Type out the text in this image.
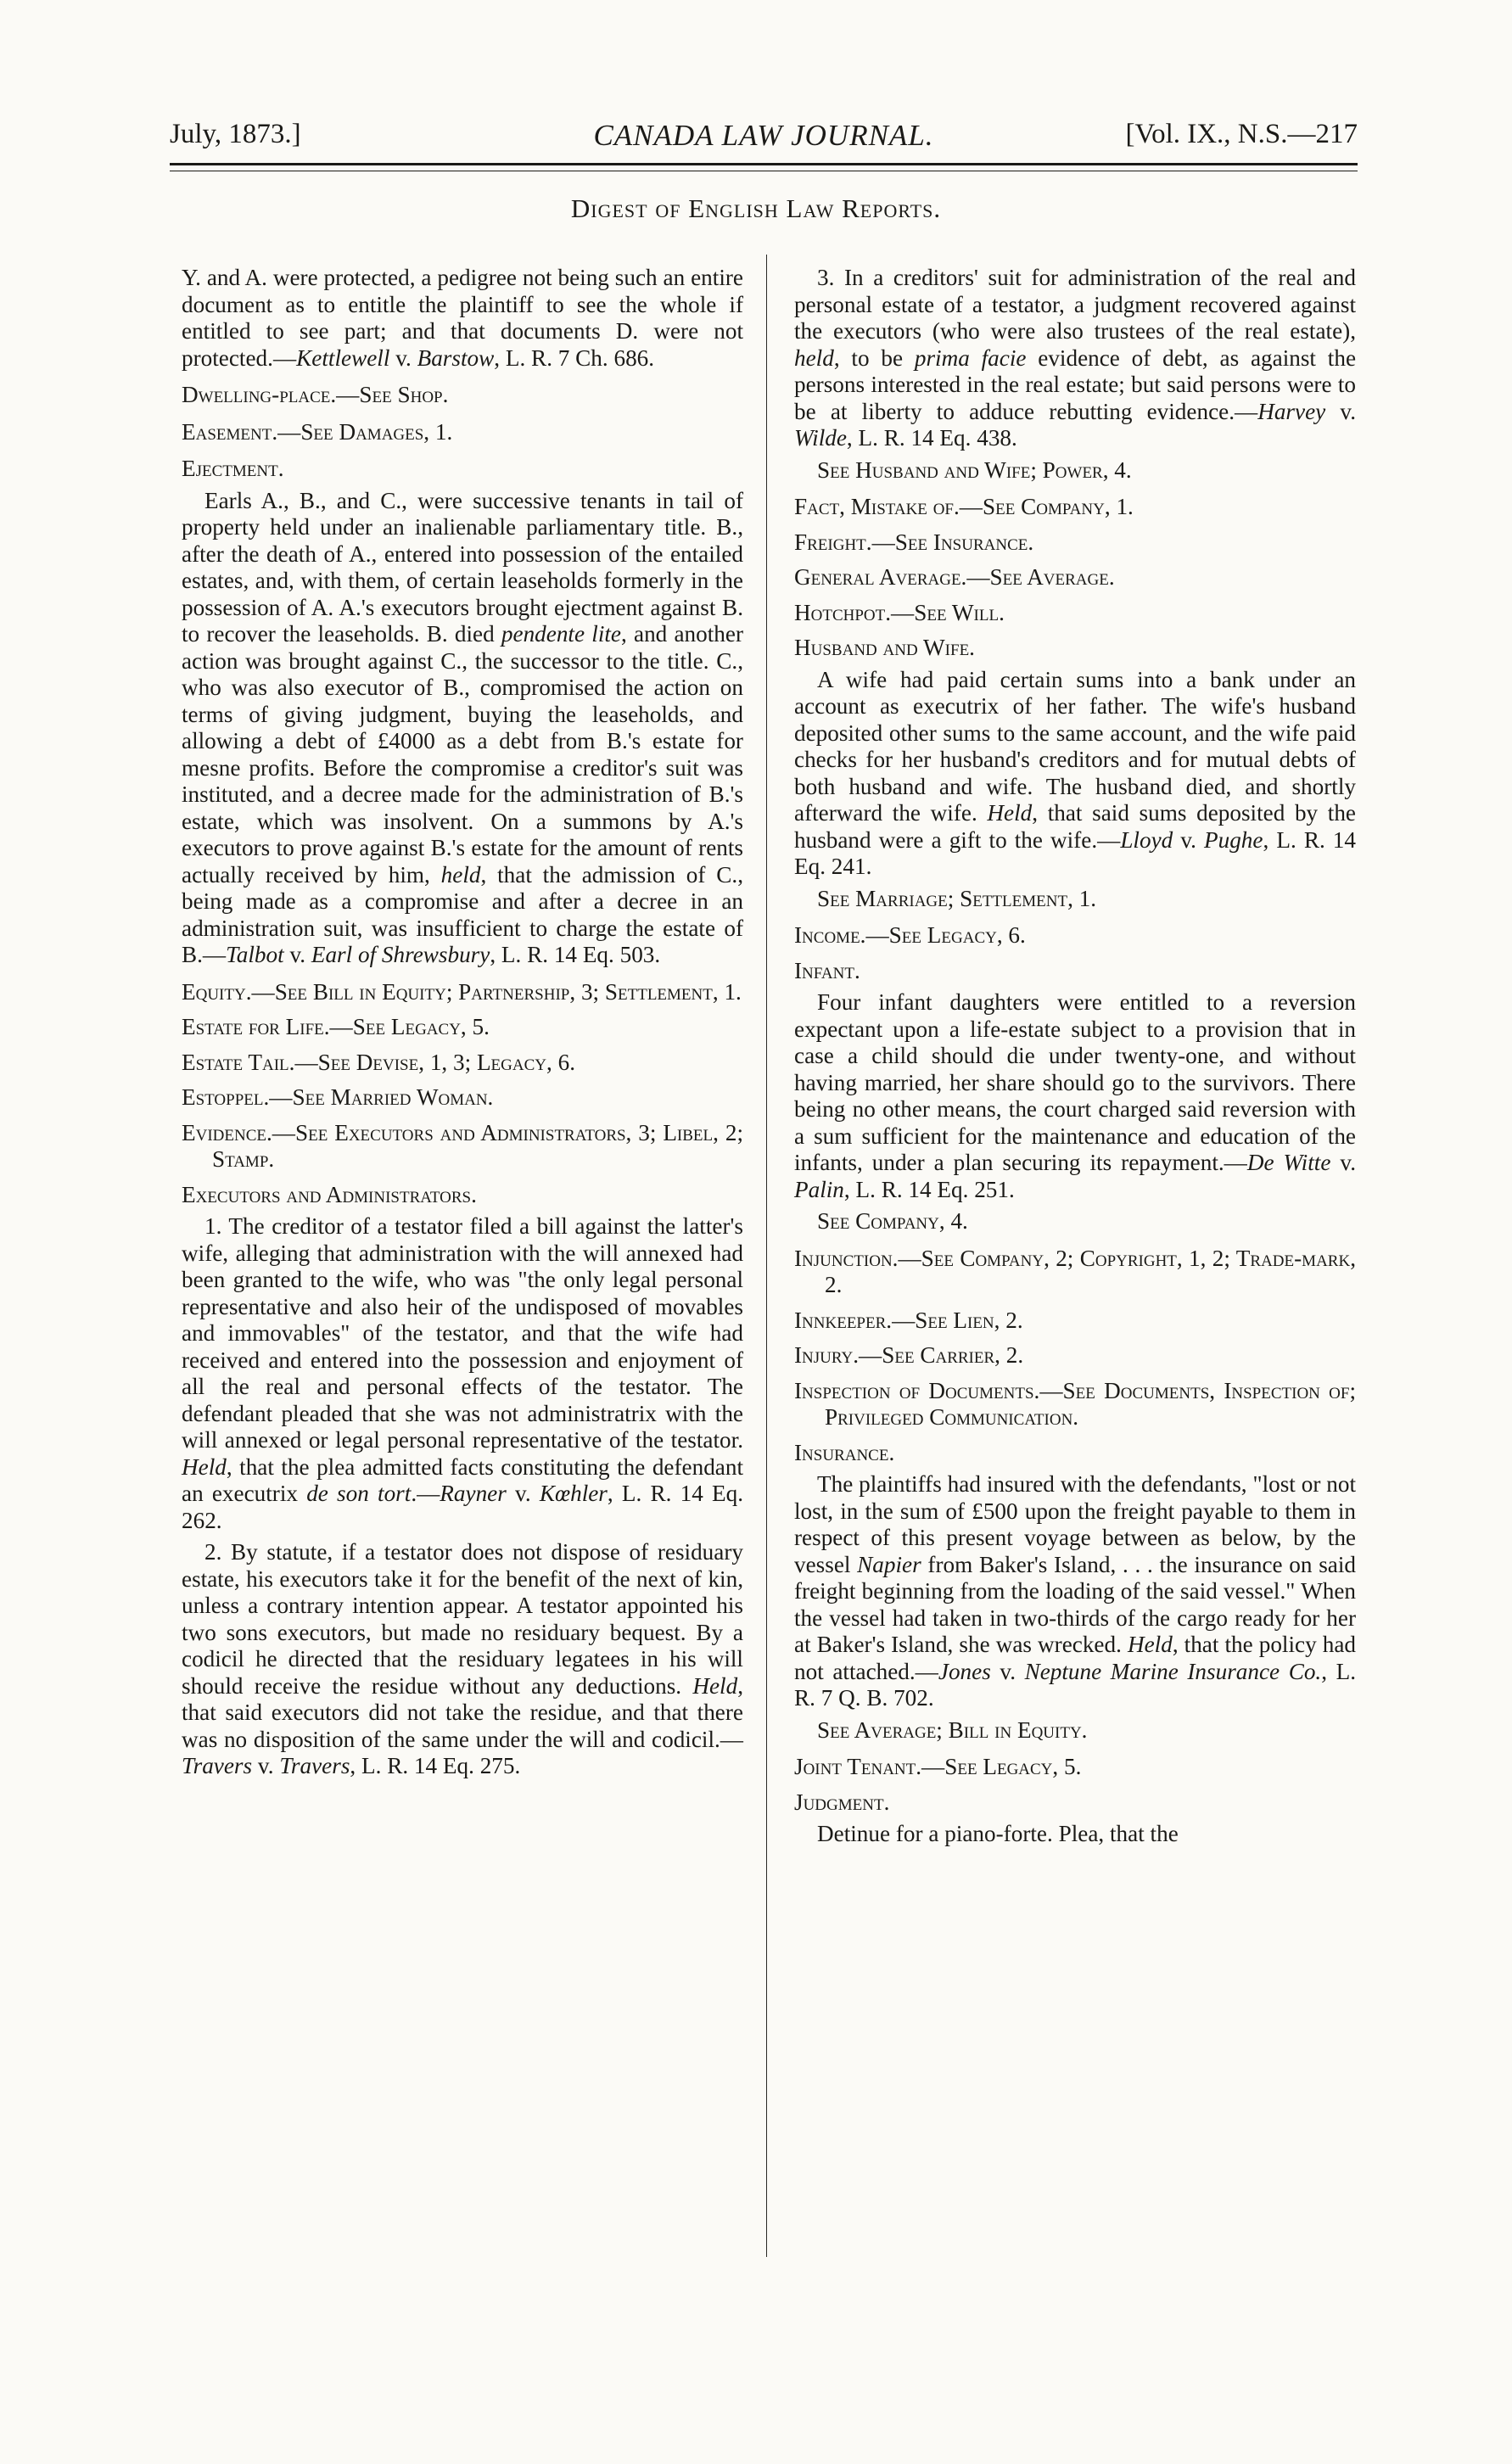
July, 1873.]	CANADA LAW JOURNAL.	[Vol. IX., N.S.—217
Digest of English Law Reports.

Y. and A. were protected, a pedigree not being such an entire document as to entitle the plaintiff to see the whole if entitled to see part; and that documents D. were not protected.—Kettlewell v. Barstow, L. R. 7 Ch. 686.

Dwelling-place.—See Shop.

Easement.—See Damages, 1.

Ejectment.

Earls A., B., and C., were successive tenants in tail of property held under an inalienable parliamentary title. B., after the death of A., entered into possession of the entailed estates, and, with them, of certain leaseholds formerly in the possession of A. A.'s executors brought ejectment against B. to recover the leaseholds. B. died pendente lite, and another action was brought against C., the successor to the title. C., who was also executor of B., compromised the action on terms of giving judgment, buying the leaseholds, and allowing a debt of £4000 as a debt from B.'s estate for mesne profits. Before the compromise a creditor's suit was instituted, and a decree made for the administration of B.'s estate, which was insolvent. On a summons by A.'s executors to prove against B.'s estate for the amount of rents actually received by him, held, that the admission of C., being made as a compromise and after a decree in an administration suit, was insufficient to charge the estate of B.—Talbot v. Earl of Shrewsbury, L. R. 14 Eq. 503.

Equity.—See Bill in Equity; Partnership, 3; Settlement, 1.

Estate for Life.—See Legacy, 5.

Estate Tail.—See Devise, 1, 3; Legacy, 6.

Estoppel.—See Married Woman.

Evidence.—See Executors and Administrators, 3; Libel, 2; Stamp.

Executors and Administrators.

1. The creditor of a testator filed a bill against the latter's wife, alleging that administration with the will annexed had been granted to the wife, who was "the only legal personal representative and also heir of the undisposed of movables and immovables" of the testator, and that the wife had received and entered into the possession and enjoyment of all the real and personal effects of the testator. The defendant pleaded that she was not administratrix with the will annexed or legal personal representative of the testator. Held, that the plea admitted facts constituting the defendant an executrix de son tort.—Rayner v. Kœhler, L. R. 14 Eq. 262.

2. By statute, if a testator does not dispose of residuary estate, his executors take it for the benefit of the next of kin, unless a contrary intention appear. A testator appointed his two sons executors, but made no residuary bequest. By a codicil he directed that the residuary legatees in his will should receive the residue without any deductions. Held, that said executors did not take the residue, and that there was no disposition of the same under the will and codicil.—Travers v. Travers, L. R. 14 Eq. 275.

3. In a creditors' suit for administration of the real and personal estate of a testator, a judgment recovered against the executors (who were also trustees of the real estate), held, to be prima facie evidence of debt, as against the persons interested in the real estate; but said persons were to be at liberty to adduce rebutting evidence.—Harvey v. Wilde, L. R. 14 Eq. 438.

See Husband and Wife; Power, 4.

Fact, Mistake of.—See Company, 1.

Freight.—See Insurance.

General Average.—See Average.

Hotchpot.—See Will.

Husband and Wife.

A wife had paid certain sums into a bank under an account as executrix of her father. The wife's husband deposited other sums to the same account, and the wife paid checks for her husband's creditors and for mutual debts of both husband and wife. The husband died, and shortly afterward the wife. Held, that said sums deposited by the husband were a gift to the wife.—Lloyd v. Pughe, L. R. 14 Eq. 241.

See Marriage; Settlement, 1.

Income.—See Legacy, 6.

Infant.

Four infant daughters were entitled to a reversion expectant upon a life-estate subject to a provision that in case a child should die under twenty-one, and without having married, her share should go to the survivors. There being no other means, the court charged said reversion with a sum sufficient for the maintenance and education of the infants, under a plan securing its repayment.—De Witte v. Palin, L. R. 14 Eq. 251.

See Company, 4.

Injunction.—See Company, 2; Copyright, 1, 2; Trade-mark, 2.

Innkeeper.—See Lien, 2.

Injury.—See Carrier, 2.

Inspection of Documents.—See Documents, Inspection of; Privileged Communication.

Insurance.

The plaintiffs had insured with the defendants, "lost or not lost, in the sum of £500 upon the freight payable to them in respect of this present voyage between as below, by the vessel Napier from Baker's Island, . . . the insurance on said freight beginning from the loading of the said vessel." When the vessel had taken in two-thirds of the cargo ready for her at Baker's Island, she was wrecked. Held, that the policy had not attached.—Jones v. Neptune Marine Insurance Co., L. R. 7 Q. B. 702.

See Average; Bill in Equity.

Joint Tenant.—See Legacy, 5.

Judgment.

Detinue for a piano-forte. Plea, that the
